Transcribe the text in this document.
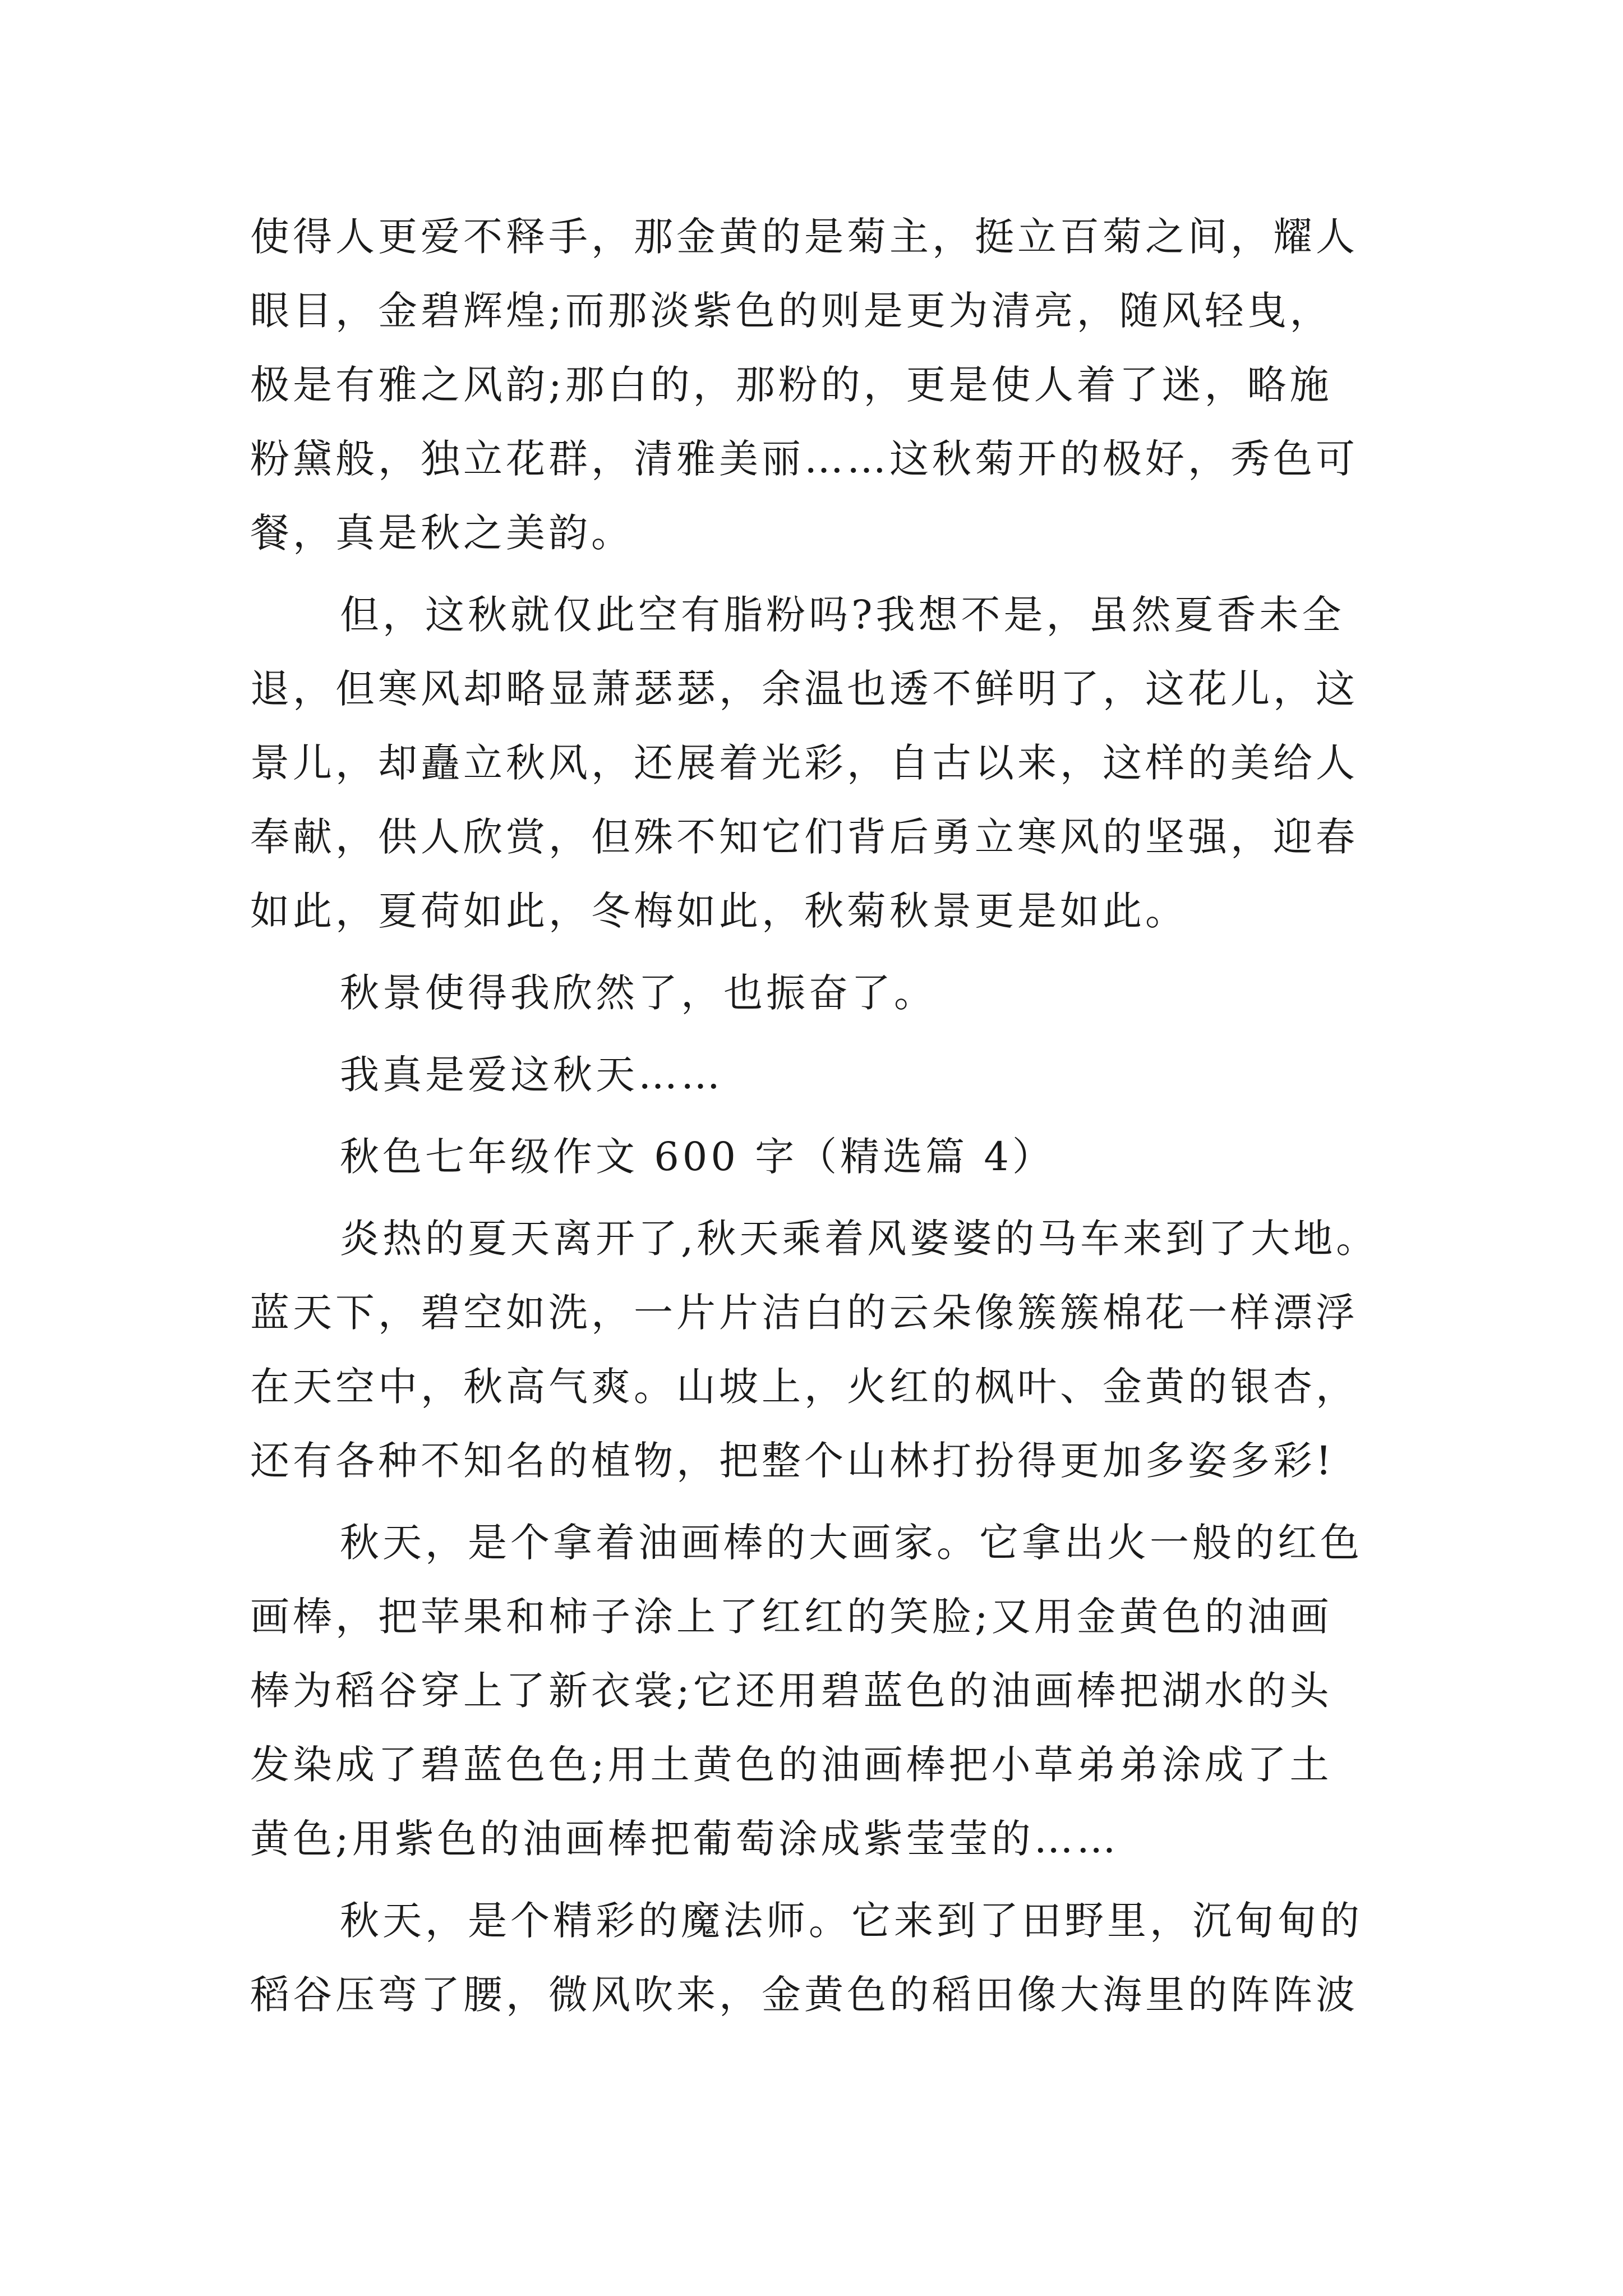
使得人更爱不释手，那金黄的是菊主，挺立百菊之间，耀人
眼目，金碧辉煌;而那淡紫色的则是更为清亮，随风轻曳，
极是有雅之风韵;那白的，那粉的，更是使人着了迷，略施
粉黛般，独立花群，清雅美丽……这秋菊开的极好，秀色可
餐，真是秋之美韵。
但，这秋就仅此空有脂粉吗?我想不是，虽然夏香未全
退，但寒风却略显萧瑟瑟，余温也透不鲜明了，这花儿，这
景儿，却矗立秋风，还展着光彩，自古以来，这样的美给人
奉献，供人欣赏，但殊不知它们背后勇立寒风的坚强，迎春
如此，夏荷如此，冬梅如此，秋菊秋景更是如此。
秋景使得我欣然了，也振奋了。
我真是爱这秋天……
秋色七年级作文 600 字（精选篇 4）
炎热的夏天离开了,秋天乘着风婆婆的马车来到了大地。
蓝天下，碧空如洗，一片片洁白的云朵像簇簇棉花一样漂浮
在天空中，秋高气爽。山坡上，火红的枫叶、金黄的银杏，
还有各种不知名的植物，把整个山林打扮得更加多姿多彩!
秋天，是个拿着油画棒的大画家。它拿出火一般的红色
画棒，把苹果和柿子涂上了红红的笑脸;又用金黄色的油画
棒为稻谷穿上了新衣裳;它还用碧蓝色的油画棒把湖水的头
发染成了碧蓝色色;用土黄色的油画棒把小草弟弟涂成了土
黄色;用紫色的油画棒把葡萄涂成紫莹莹的……
秋天，是个精彩的魔法师。它来到了田野里，沉甸甸的
稻谷压弯了腰，微风吹来，金黄色的稻田像大海里的阵阵波
